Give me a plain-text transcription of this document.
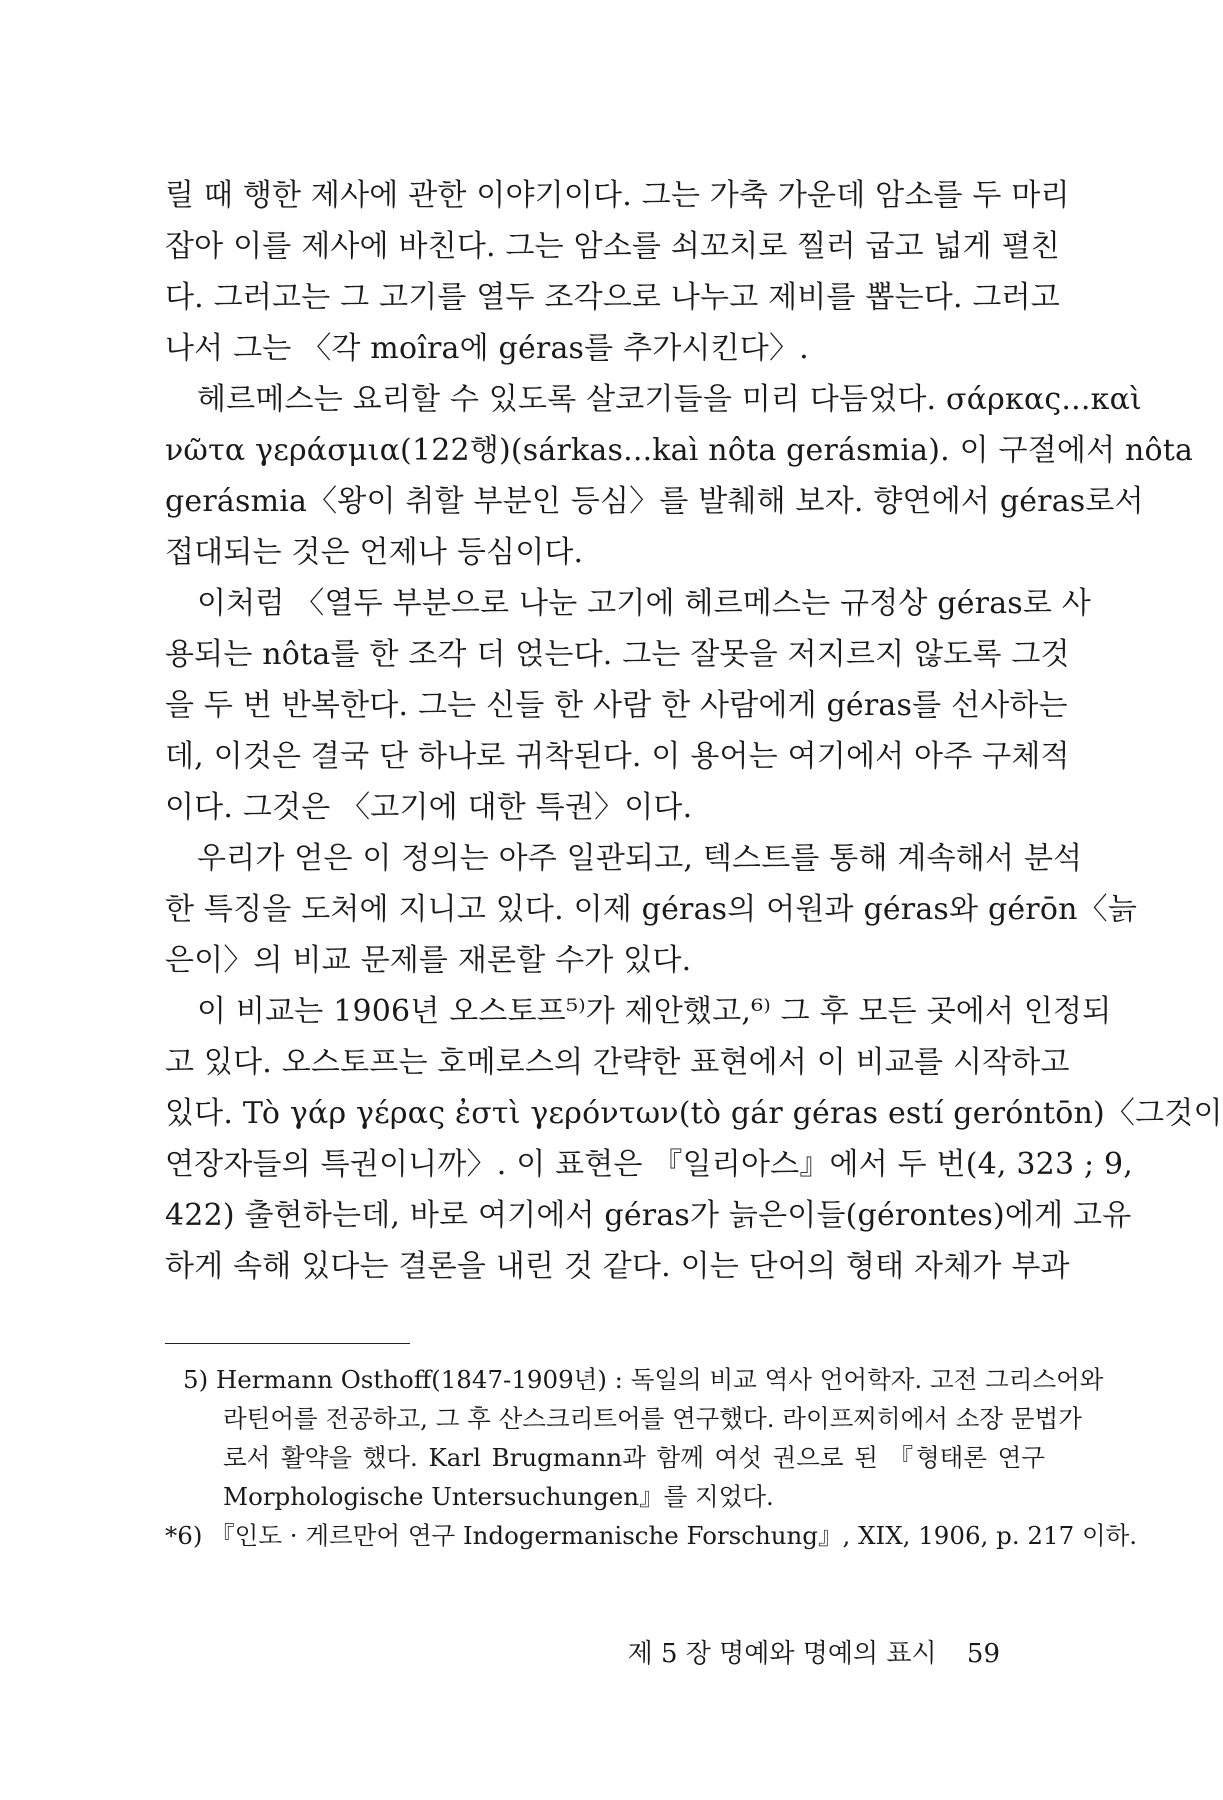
릴 때 행한 제사에 관한 이야기이다. 그는 가축 가운데 암소를 두 마리
잡아 이를 제사에 바친다. 그는 암소를 쇠꼬치로 찔러 굽고 넓게 펼친
다. 그러고는 그 고기를 열두 조각으로 나누고 제비를 뽑는다. 그러고
나서 그는 〈각 moîra에 géras를 추가시킨다〉.
헤르메스는 요리할 수 있도록 살코기들을 미리 다듬었다. σάρκας...καὶ
νῶτα γεράσμια(122행)(sárkas...kaì nôta gerásmia). 이 구절에서 nôta
gerásmia〈왕이 취할 부분인 등심〉를 발췌해 보자. 향연에서 géras로서
접대되는 것은 언제나 등심이다.
이처럼 〈열두 부분으로 나눈 고기에 헤르메스는 규정상 géras로 사
용되는 nôta를 한 조각 더 얹는다. 그는 잘못을 저지르지 않도록 그것
을 두 번 반복한다. 그는 신들 한 사람 한 사람에게 géras를 선사하는
데, 이것은 결국 단 하나로 귀착된다. 이 용어는 여기에서 아주 구체적
이다. 그것은 〈고기에 대한 특권〉이다.
우리가 얻은 이 정의는 아주 일관되고, 텍스트를 통해 계속해서 분석
한 특징을 도처에 지니고 있다. 이제 géras의 어원과 géras와 gérōn〈늙
은이〉의 비교 문제를 재론할 수가 있다.
이 비교는 1906년 오스토프⁵⁾가 제안했고,⁶⁾ 그 후 모든 곳에서 인정되
고 있다. 오스토프는 호메로스의 간략한 표현에서 이 비교를 시작하고
있다. Tò γάρ γέρας ἐστὶ γερόντων(tò gár géras estí gerόntōn)〈그것이
연장자들의 특권이니까〉. 이 표현은 『일리아스』에서 두 번(4, 323 ; 9,
422) 출현하는데, 바로 여기에서 géras가 늙은이들(gérontes)에게 고유
하게 속해 있다는 결론을 내린 것 같다. 이는 단어의 형태 자체가 부과
5) Hermann Osthoff(1847-1909년) : 독일의 비교 역사 언어학자. 고전 그리스어와
라틴어를 전공하고, 그 후 산스크리트어를 연구했다. 라이프찌히에서 소장 문법가
로서 활약을 했다. Karl Brugmann과 함께 여섯 권으로 된 『형태론 연구
Morphologische Untersuchungen』를 지었다.
*6) 『인도 · 게르만어 연구 Indogermanische Forschung』, XIX, 1906, p. 217 이하.
제 5 장 명예와 명예의 표시 59
